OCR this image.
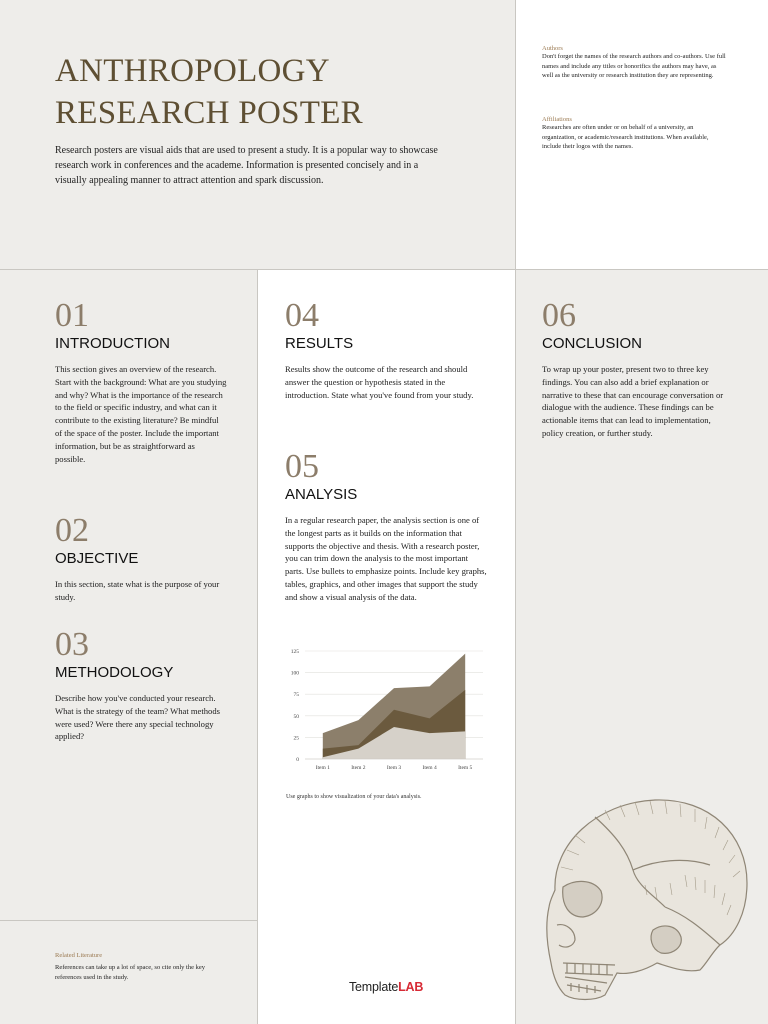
ANTHROPOLOGY
RESEARCH POSTER
Research posters are visual aids that are used to present a study. It is a popular way to showcase research work in conferences and the academe. Information is presented concisely and in a visually appealing manner to attract attention and spark discussion.
Authors
Don't forget the names of the research authors and co-authors. Use full names and include any titles or honorifics the authors may have, as well as the university or research institution they are representing.
Affiliations
Researches are often under or on behalf of a university, an organization, or academic/research institutions. When available, include their logos with the names.
01
INTRODUCTION
This section gives an overview of the research. Start with the background: What are you studying and why? What is the importance of the research to the field or specific industry, and what can it contribute to the existing literature? Be mindful of the space of the poster. Include the important information, but be as straightforward as possible.
02
OBJECTIVE
In this section, state what is the purpose of your study.
03
METHODOLOGY
Describe how you've conducted your research. What is the strategy of the team? What methods were used? Were there any special technology applied?
04
RESULTS
Results show the outcome of the research and should answer the question or hypothesis stated in the introduction. State what you've found from your study.
05
ANALYSIS
In a regular research paper, the analysis section is one of the longest parts as it builds on the information that supports the objective and thesis. With a research poster, you can trim down the analysis to the most important parts. Use bullets to emphasize points. Include key graphs, tables, graphics, and other images that support the study and show a visual analysis of the data.
0
25
50
75
100
125
Item 1	Item 2	Item 3	Item 4	Item 5
Use graphs to show visualization of your data's analysis.
06
CONCLUSION
To wrap up your poster, present two to three key findings. You can also add a brief explanation or narrative to these that can encourage conversation or dialogue with the audience. These findings can be actionable items that can lead to implementation, policy creation, or further study.
Related Literature
References can take up a lot of space, so cite only the key references used in the study.
TemplateLAB
